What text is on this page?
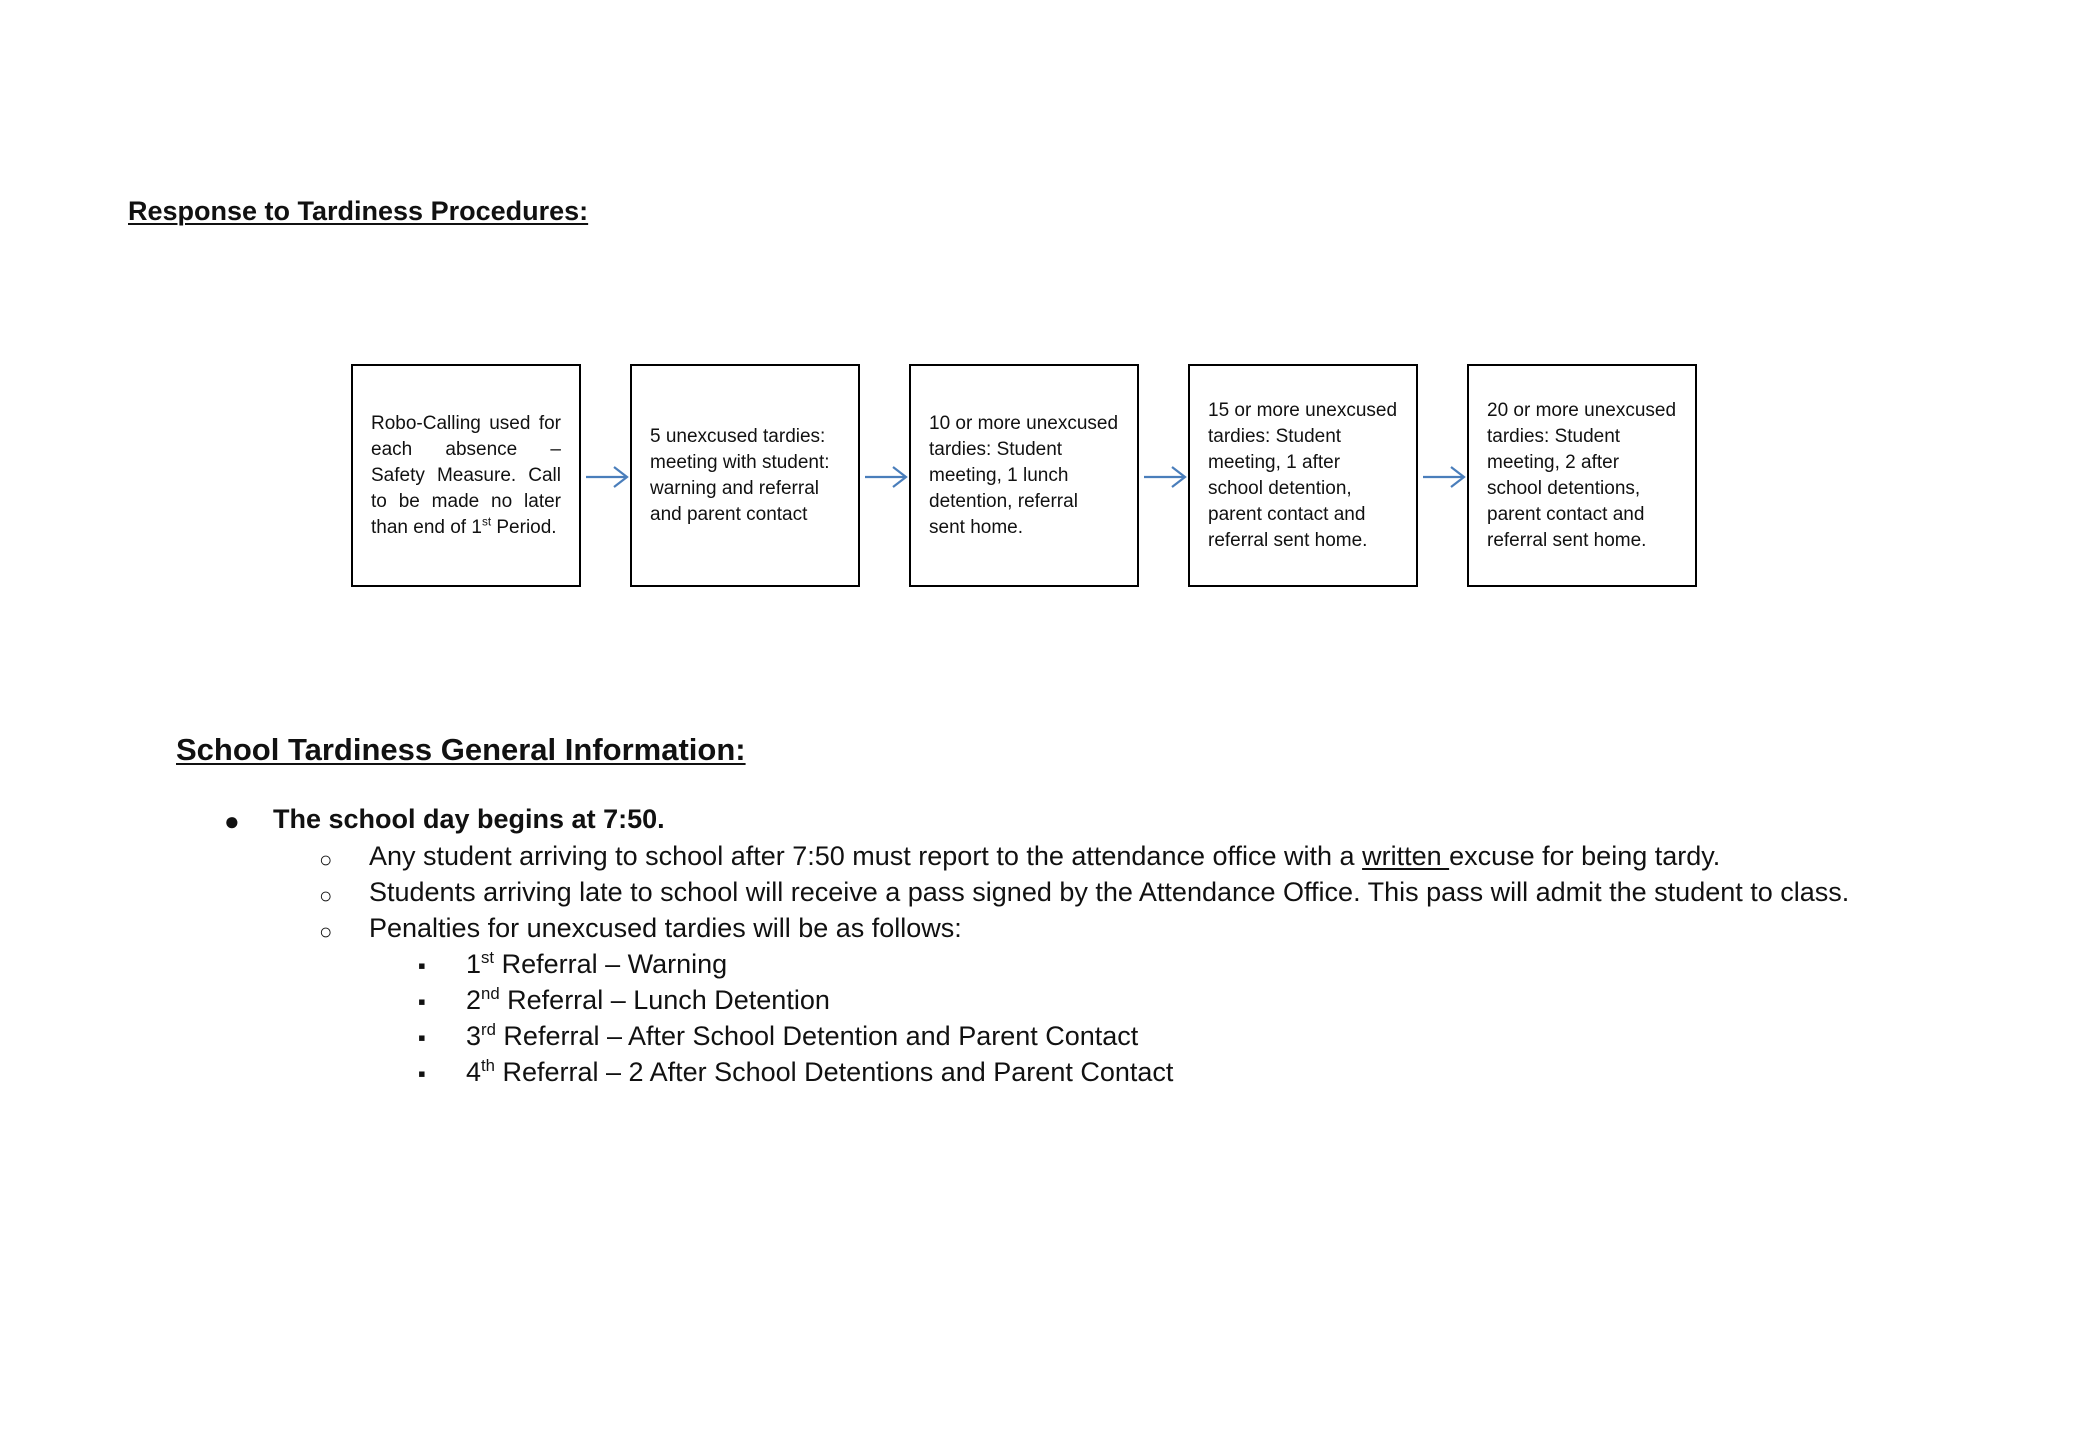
Response to Tardiness Procedures:
Robo-Calling used for each absence – Safety Measure. Call to be made no later than end of 1st Period.
5 unexcused tardies: meeting with student: warning and referral and parent contact
10 or more unexcused tardies: Student meeting, 1 lunch detention, referral sent home.
15 or more unexcused tardies: Student meeting, 1 after school detention, parent contact and referral sent home.
20 or more unexcused tardies: Student meeting, 2 after school detentions, parent contact and referral sent home.
School Tardiness General Information:
● The school day begins at 7:50.
○ Any student arriving to school after 7:50 must report to the attendance office with a written excuse for being tardy.
○ Students arriving late to school will receive a pass signed by the Attendance Office. This pass will admit the student to class.
○ Penalties for unexcused tardies will be as follows:
▪ 1st Referral – Warning
▪ 2nd Referral – Lunch Detention
▪ 3rd Referral – After School Detention and Parent Contact
▪ 4th Referral – 2 After School Detentions and Parent Contact
